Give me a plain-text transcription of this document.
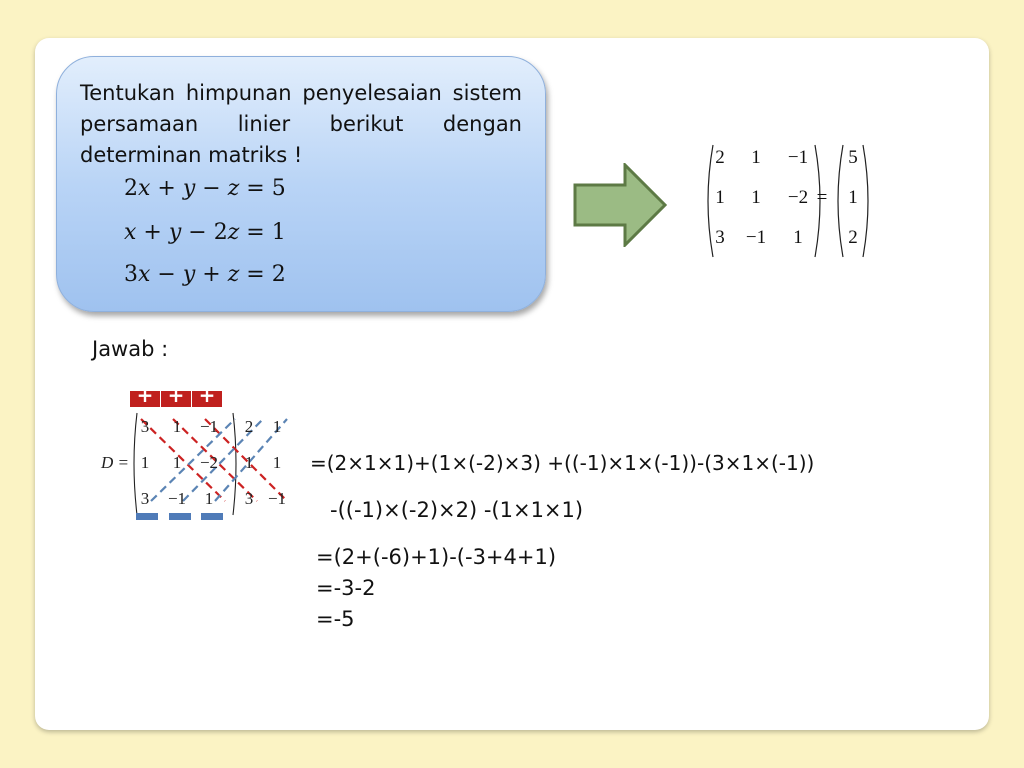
Tentukan himpunan penyelesaian sistem persamaan linier berikut dengan determinan matriks !

2x + y − z = 5

x + y − 2z = 1

3x − y + z = 2

2	1	−1
1	1	−2
3	−1	1
=
5
1
2

Jawab :

+ + +
D =
3	1	−1	2	1
1	1	−2	1	1
3	−1	1	3 −1

=(2×1×1)+(1×(-2)×3) +((-1)×1×(-1))-(3×1×(-1))

-((-1)×(-2)×2) -(1×1×1)

=(2+(-6)+1)-(-3+4+1)

=-3-2

=-5
